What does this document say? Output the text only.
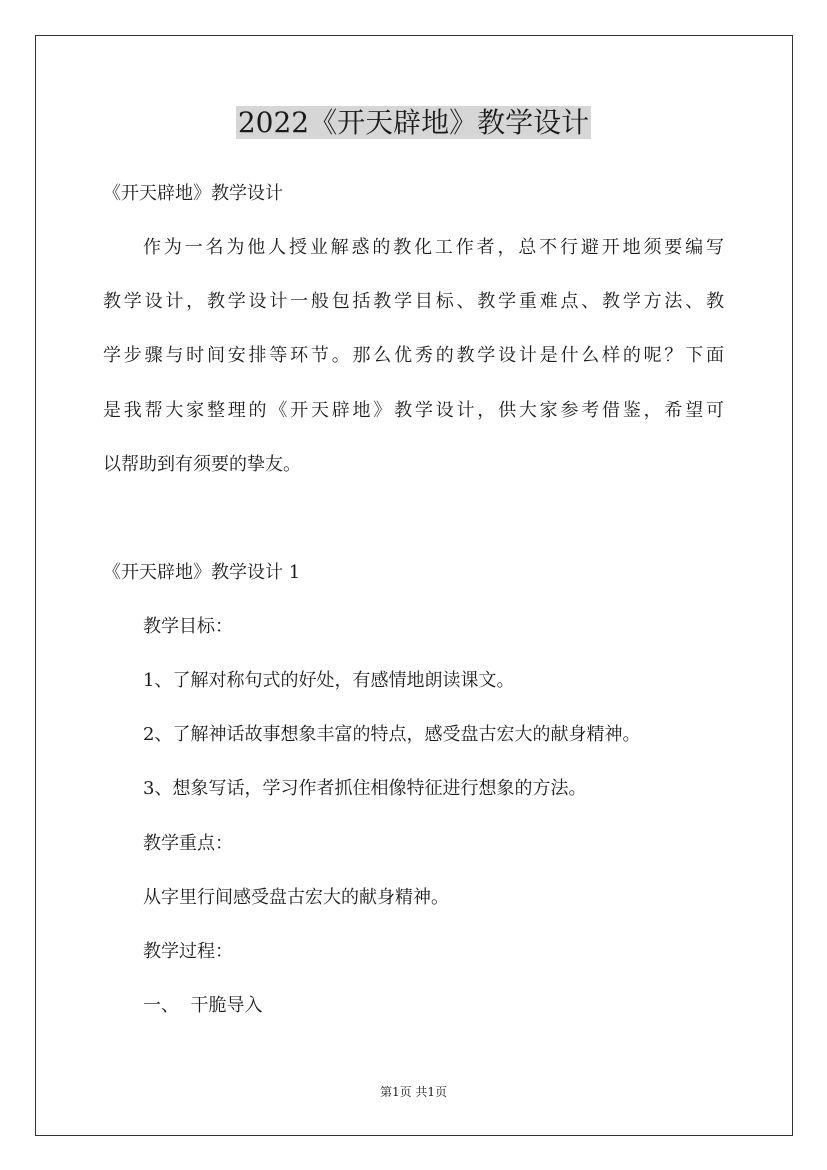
2022《开天辟地》教学设计

《开天辟地》教学设计

作为一名为他人授业解惑的教化工作者，总不行避开地须要编写

教学设计，教学设计一般包括教学目标、教学重难点、教学方法、教

学步骤与时间安排等环节。那么优秀的教学设计是什么样的呢？下面

是我帮大家整理的《开天辟地》教学设计，供大家参考借鉴，希望可

以帮助到有须要的挚友。

《开天辟地》教学设计 1

教学目标：

1、了解对称句式的好处，有感情地朗读课文。

2、了解神话故事想象丰富的特点，感受盘古宏大的献身精神。

3、想象写话，学习作者抓住相像特征进行想象的方法。

教学重点：

从字里行间感受盘古宏大的献身精神。

教学过程：

一、  干脆导入

第1页 共1页
